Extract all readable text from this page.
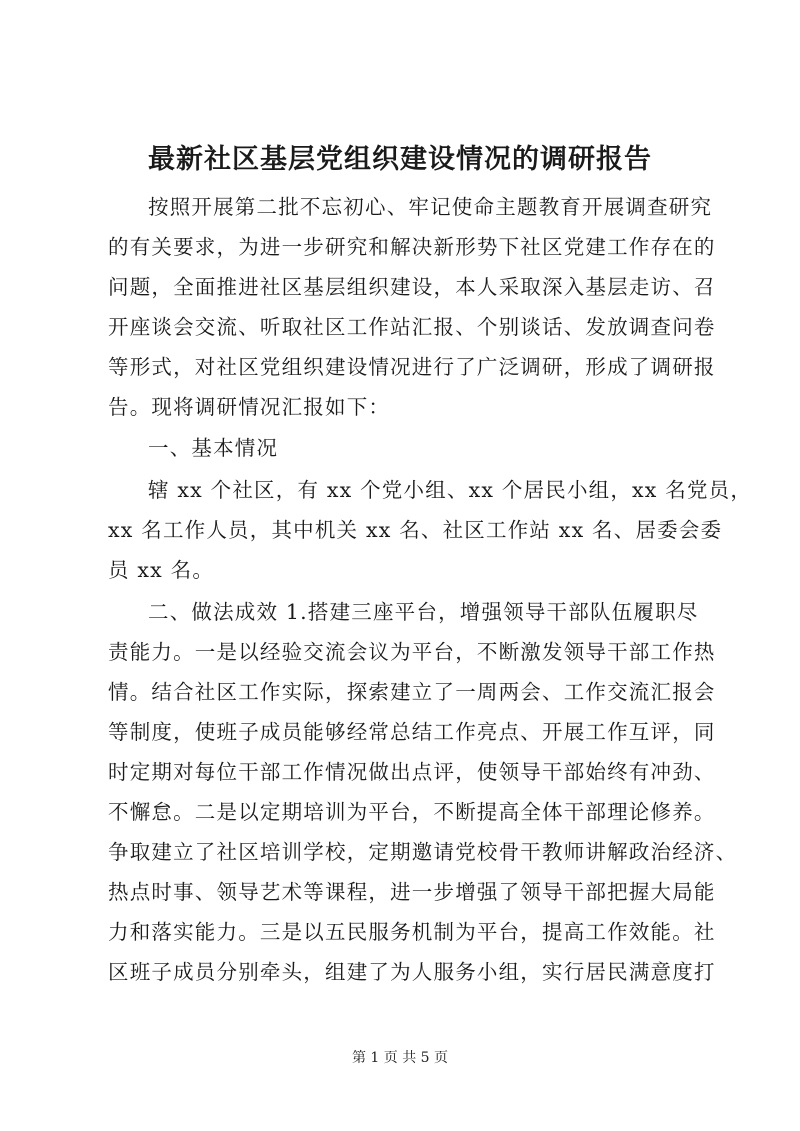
最新社区基层党组织建设情况的调研报告
按照开展第二批不忘初心、牢记使命主题教育开展调查研究
的有关要求，为进一步研究和解决新形势下社区党建工作存在的
问题，全面推进社区基层组织建设，本人采取深入基层走访、召
开座谈会交流、听取社区工作站汇报、个别谈话、发放调查问卷
等形式，对社区党组织建设情况进行了广泛调研，形成了调研报
告。现将调研情况汇报如下：
一、基本情况
辖 xx 个社区，有 xx 个党小组、xx 个居民小组，xx 名党员，
xx 名工作人员，其中机关 xx 名、社区工作站 xx 名、居委会委
员 xx 名。
二、做法成效 1.搭建三座平台，增强领导干部队伍履职尽
责能力。一是以经验交流会议为平台，不断激发领导干部工作热
情。结合社区工作实际，探索建立了一周两会、工作交流汇报会
等制度，使班子成员能够经常总结工作亮点、开展工作互评，同
时定期对每位干部工作情况做出点评，使领导干部始终有冲劲、
不懈怠。二是以定期培训为平台，不断提高全体干部理论修养。
争取建立了社区培训学校，定期邀请党校骨干教师讲解政治经济、
热点时事、领导艺术等课程，进一步增强了领导干部把握大局能
力和落实能力。三是以五民服务机制为平台，提高工作效能。社
区班子成员分别牵头，组建了为人服务小组，实行居民满意度打
第 1 页 共 5 页
